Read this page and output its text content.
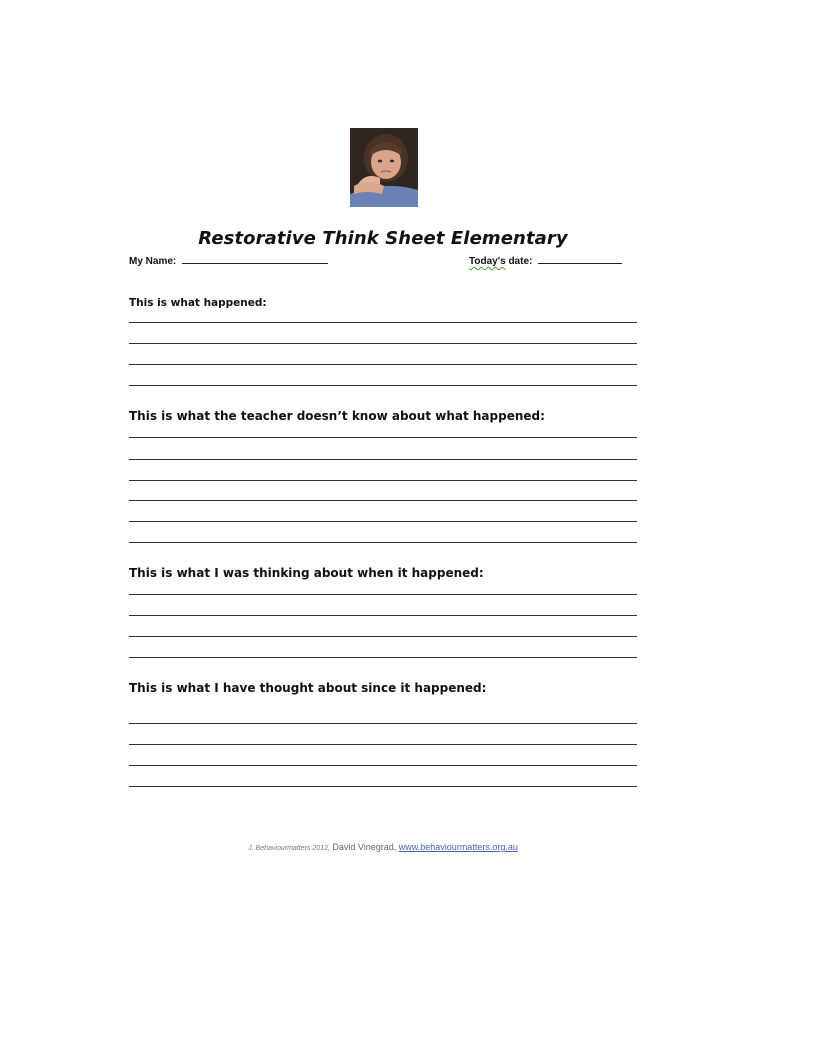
Restorative Think Sheet Elementary
My Name:	Today's date:
This is what happened:
This is what the teacher doesn’t know about what happened:
This is what I was thinking about when it happened:
This is what I have thought about since it happened:
J. Behaviourmatters 2012, David Vinegrad, www.behaviourmatters.org.au
